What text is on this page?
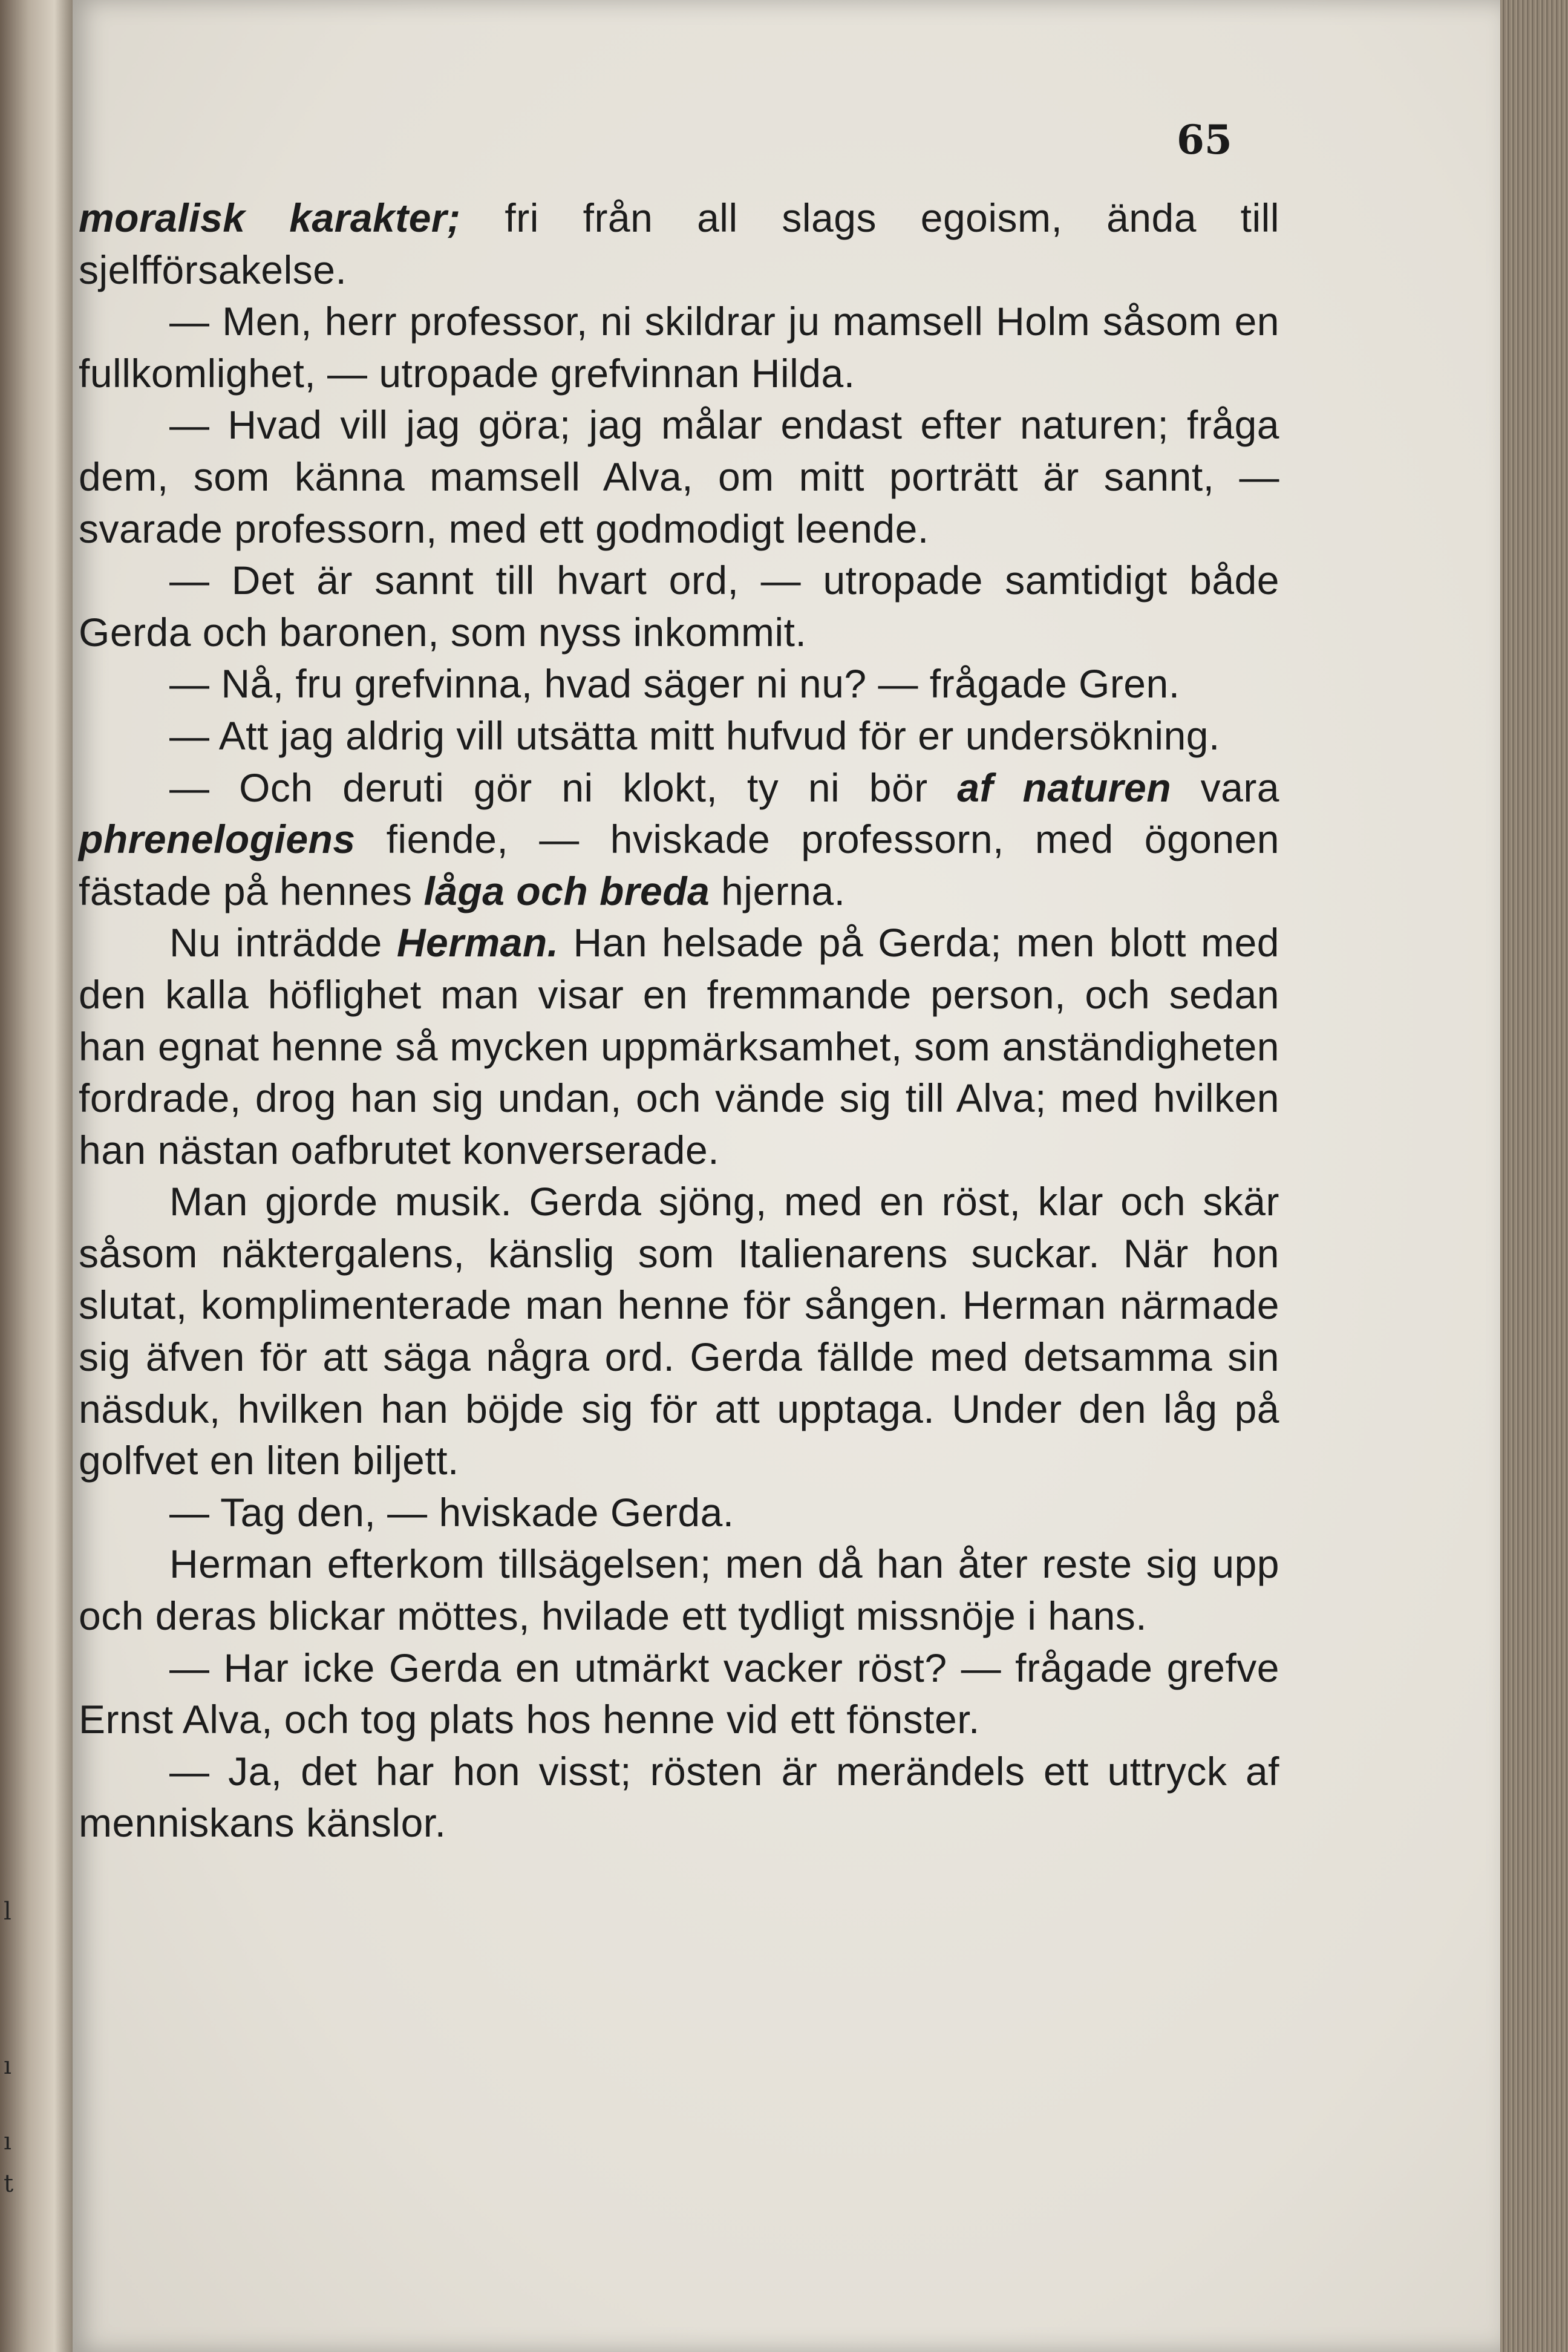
l
ı
ı
t

65

moralisk karakter; fri från all slags egoism, ända till sjelfförsakelse.

— Men, herr professor, ni skildrar ju mamsell Holm såsom en fullkomlighet, — utropade grefvinnan Hilda.

— Hvad vill jag göra; jag målar endast efter naturen; fråga dem, som känna mamsell Alva, om mitt porträtt är sannt, — svarade professorn, med ett godmodigt leende.

— Det är sannt till hvart ord, — utropade samtidigt både Gerda och baronen, som nyss inkommit.

— Nå, fru grefvinna, hvad säger ni nu? — frågade Gren.

— Att jag aldrig vill utsätta mitt hufvud för er undersökning.

— Och deruti gör ni klokt, ty ni bör af naturen vara phrenelogiens fiende, — hviskade professorn, med ögonen fästade på hennes låga och breda hjerna.

Nu inträdde Herman. Han helsade på Gerda; men blott med den kalla höflighet man visar en fremmande person, och sedan han egnat henne så mycken uppmärksamhet, som anständigheten fordrade, drog han sig undan, och vände sig till Alva; med hvilken han nästan oafbrutet konverserade.

Man gjorde musik. Gerda sjöng, med en röst, klar och skär såsom näktergalens, känslig som Italienarens suckar. När hon slutat, komplimenterade man henne för sången. Herman närmade sig äfven för att säga några ord. Gerda fällde med detsamma sin näsduk, hvilken han böjde sig för att upptaga. Under den låg på golfvet en liten biljett.

— Tag den, — hviskade Gerda.

Herman efterkom tillsägelsen; men då han åter reste sig upp och deras blickar möttes, hvilade ett tydligt missnöje i hans.

— Har icke Gerda en utmärkt vacker röst? — frågade grefve Ernst Alva, och tog plats hos henne vid ett fönster.

— Ja, det har hon visst; rösten är merändels ett uttryck af menniskans känslor.
